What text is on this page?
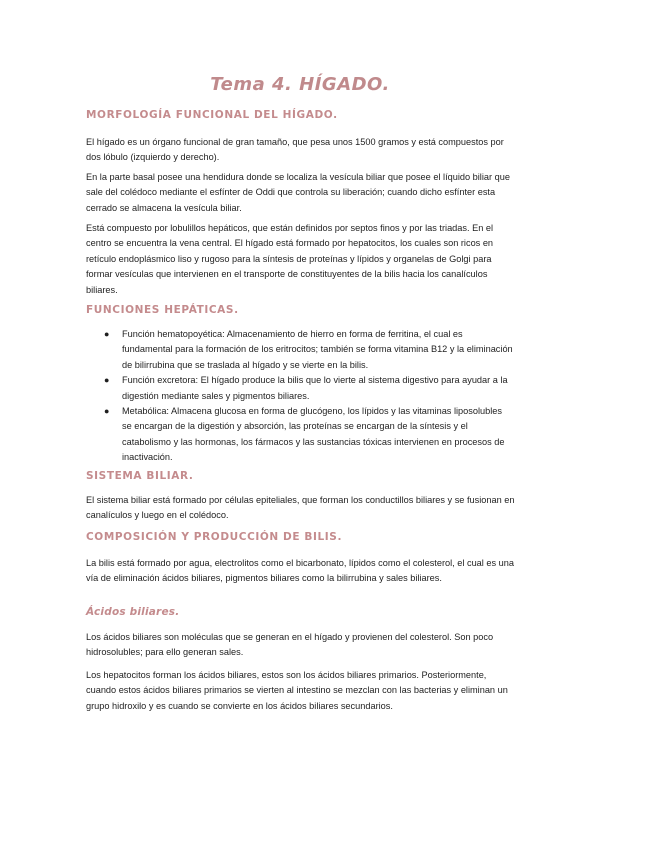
Tema 4. HÍGADO.
MORFOLOGÍA FUNCIONAL DEL HÍGADO.
El hígado es un órgano funcional de gran tamaño, que pesa unos 1500 gramos y está compuestos por dos lóbulo (izquierdo y derecho).
En la parte basal posee una hendidura donde se localiza la vesícula biliar que posee el líquido biliar que sale del colédoco mediante el esfínter de Oddi que controla su liberación; cuando dicho esfínter esta cerrado se almacena la vesícula biliar.
Está compuesto por lobulillos hepáticos, que están definidos por septos finos y por las triadas. En el centro se encuentra la vena central. El hígado está formado por hepatocitos, los cuales son ricos en retículo endoplásmico liso y rugoso para la síntesis de proteínas y lípidos y organelas de Golgi para formar vesículas que intervienen en el transporte de constituyentes de la bilis hacia los canalículos biliares.
FUNCIONES HEPÁTICAS.
● Función hematopoyética: Almacenamiento de hierro en forma de ferritina, el cual es fundamental para la formación de los eritrocitos; también se forma vitamina B12 y la eliminación de bilirrubina que se traslada al hígado y se vierte en la bilis.
● Función excretora: El hígado produce la bilis que lo vierte al sistema digestivo para ayudar a la digestión mediante sales y pigmentos biliares.
● Metabólica: Almacena glucosa en forma de glucógeno, los lípidos y las vitaminas liposolubles se encargan de la digestión y absorción, las proteínas se encargan de la síntesis y el catabolismo y las hormonas, los fármacos y las sustancias tóxicas intervienen en procesos de inactivación.
SISTEMA BILIAR.
El sistema biliar está formado por células epiteliales, que forman los conductillos biliares y se fusionan en canalículos y luego en el colédoco.
COMPOSICIÓN Y PRODUCCIÓN DE BILIS.
La bilis está formado por agua, electrolitos como el bicarbonato, lípidos como el colesterol, el cual es una vía de eliminación ácidos biliares, pigmentos biliares como la bilirrubina y sales biliares.
Ácidos biliares.
Los ácidos biliares son moléculas que se generan en el hígado y provienen del colesterol. Son poco hidrosolubles; para ello generan sales.
Los hepatocitos forman los ácidos biliares, estos son los ácidos biliares primarios. Posteriormente, cuando estos ácidos biliares primarios se vierten al intestino se mezclan con las bacterias y eliminan un grupo hidroxilo y es cuando se convierte en los ácidos biliares secundarios.
